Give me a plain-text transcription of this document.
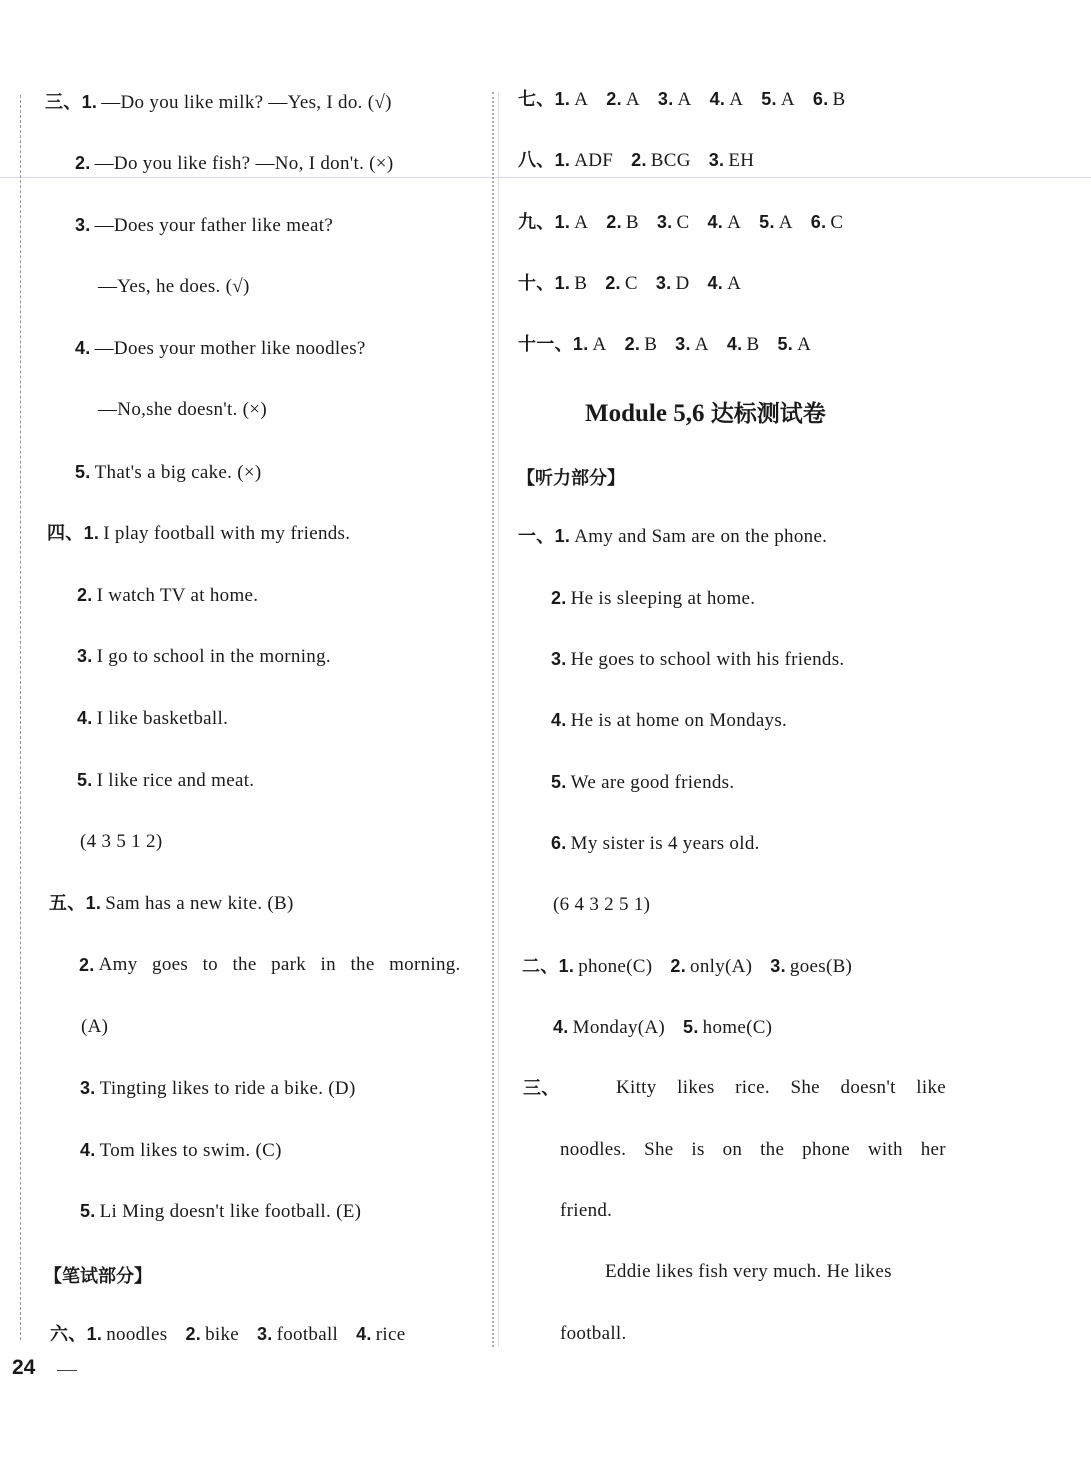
三、1. —Do you like milk? —Yes, I do. (√)
2. —Do you like fish? —No, I don't. (×)
3. —Does your father like meat?
—Yes, he does. (√)
4. —Does your mother like noodles?
—No,she doesn't. (×)
5. That's a big cake. (×)
四、1. I play football with my friends.
2. I watch TV at home.
3. I go to school in the morning.
4. I like basketball.
5. I like rice and meat.
(4 3 5 1 2)
五、1. Sam has a new kite. (B)
2. Amy goes to the park in the morning.
(A)
3. Tingting likes to ride a bike. (D)
4. Tom likes to swim. (C)
5. Li Ming doesn't like football. (E)
【笔试部分】
六、1. noodles 2. bike 3. football 4. rice
七、1. A 2. A 3. A 4. A 5. A 6. B
八、1. ADF 2. BCG 3. EH
九、1. A 2. B 3. C 4. A 5. A 6. C
十、1. B 2. C 3. D 4. A
十一、1. A 2. B 3. A 4. B 5. A
Module 5,6 达标测试卷
【听力部分】
一、1. Amy and Sam are on the phone.
2. He is sleeping at home.
3. He goes to school with his friends.
4. He is at home on Mondays.
5. We are good friends.
6. My sister is 4 years old.
(6 4 3 2 5 1)
二、1. phone(C) 2. only(A) 3. goes(B)
4. Monday(A) 5. home(C)
三、	Kitty likes rice. She doesn't like
noodles. She is on the phone with her
friend.
Eddie likes fish very much. He likes
football.
24
